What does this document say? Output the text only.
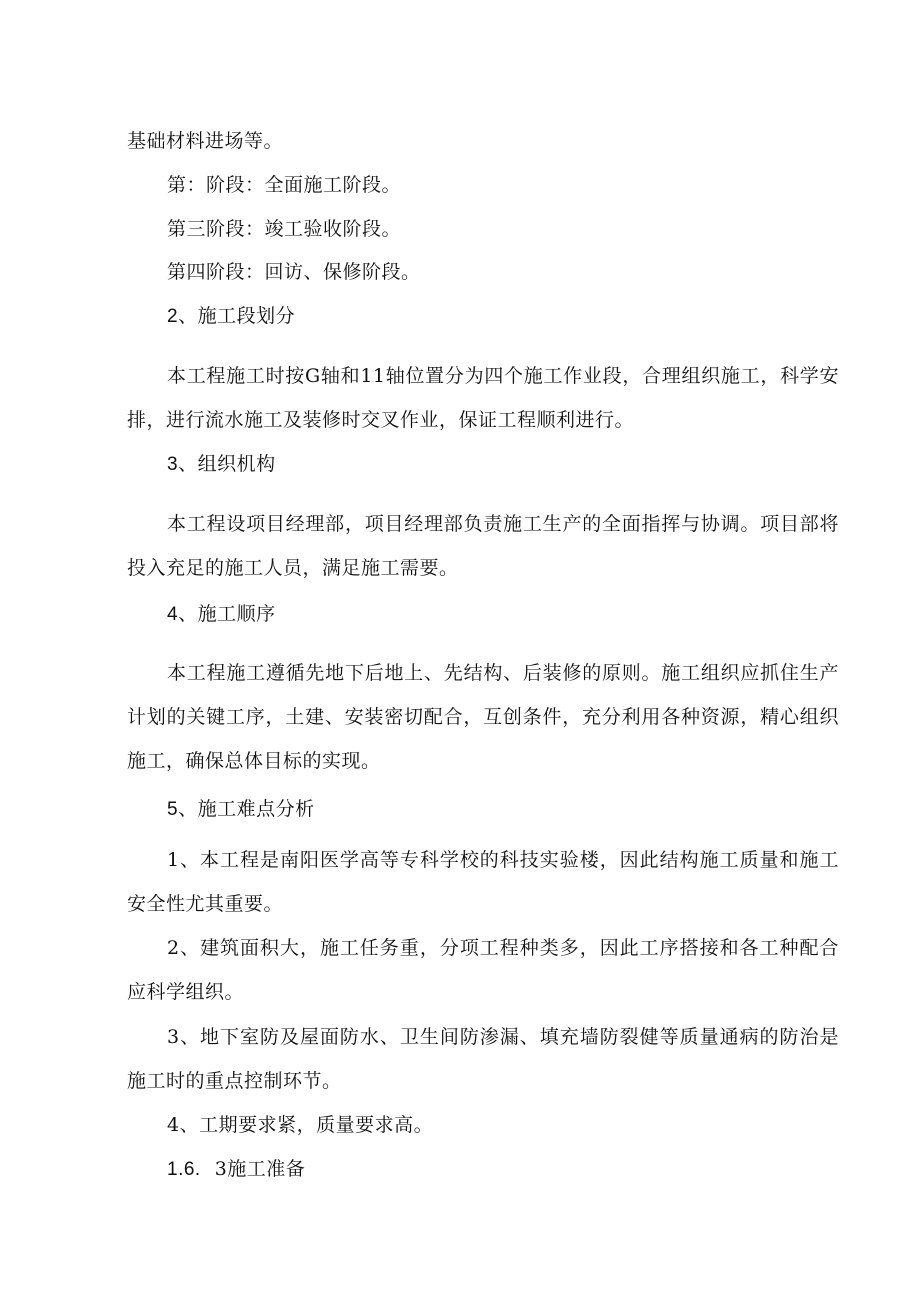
基础材料进场等。
第：阶段：全面施工阶段。
第三阶段：竣工验收阶段。
第四阶段：回访、保修阶段。
2、施工段划分
本工程施工时按G轴和11轴位置分为四个施工作业段，合理组织施工，科学安排，进行流水施工及装修时交叉作业，保证工程顺利进行。
3、组织机构
本工程设项目经理部，项目经理部负责施工生产的全面指挥与协调。项目部将投入充足的施工人员，满足施工需要。
4、施工顺序
本工程施工遵循先地下后地上、先结构、后装修的原则。施工组织应抓住生产计划的关键工序，土建、安装密切配合，互创条件，充分利用各种资源，精心组织施工，确保总体目标的实现。
5、施工难点分析
1、本工程是南阳医学高等专科学校的科技实验楼，因此结构施工质量和施工安全性尤其重要。
2、建筑面积大，施工任务重，分项工程种类多，因此工序搭接和各工种配合应科学组织。
3、地下室防及屋面防水、卫生间防渗漏、填充墙防裂健等质量通病的防治是施工时的重点控制环节。
4、工期要求紧，质量要求高。
1.6. 3施工准备
